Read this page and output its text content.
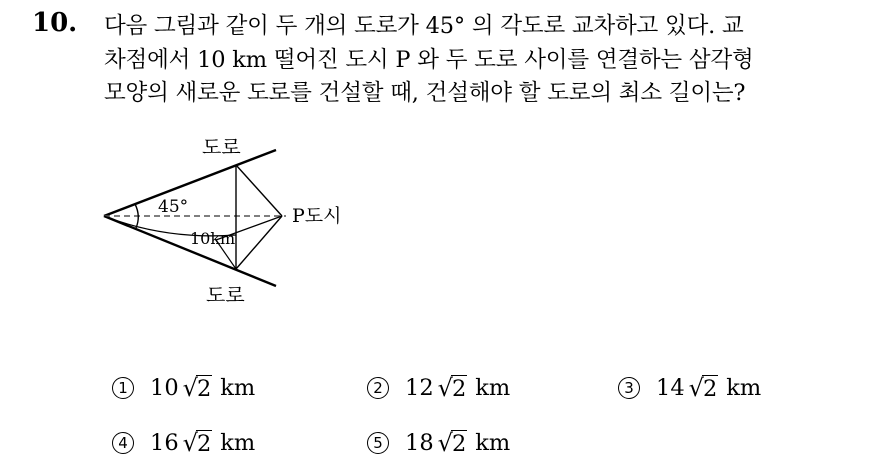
10. 다음 그림과 같이 두 개의 도로가 45° 의 각도로 교차하고 있다. 교
차점에서 10 km 떨어진 도시 P 와 두 도로 사이를 연결하는 삼각형
모양의 새로운 도로를 건설할 때, 건설해야 할 도로의 최소 길이는?
도로
도로
45°
10km
P도시
1 10 √2 km	2 12 √2 km	3 14 √2 km
4 16 √2 km	5 18 √2 km
